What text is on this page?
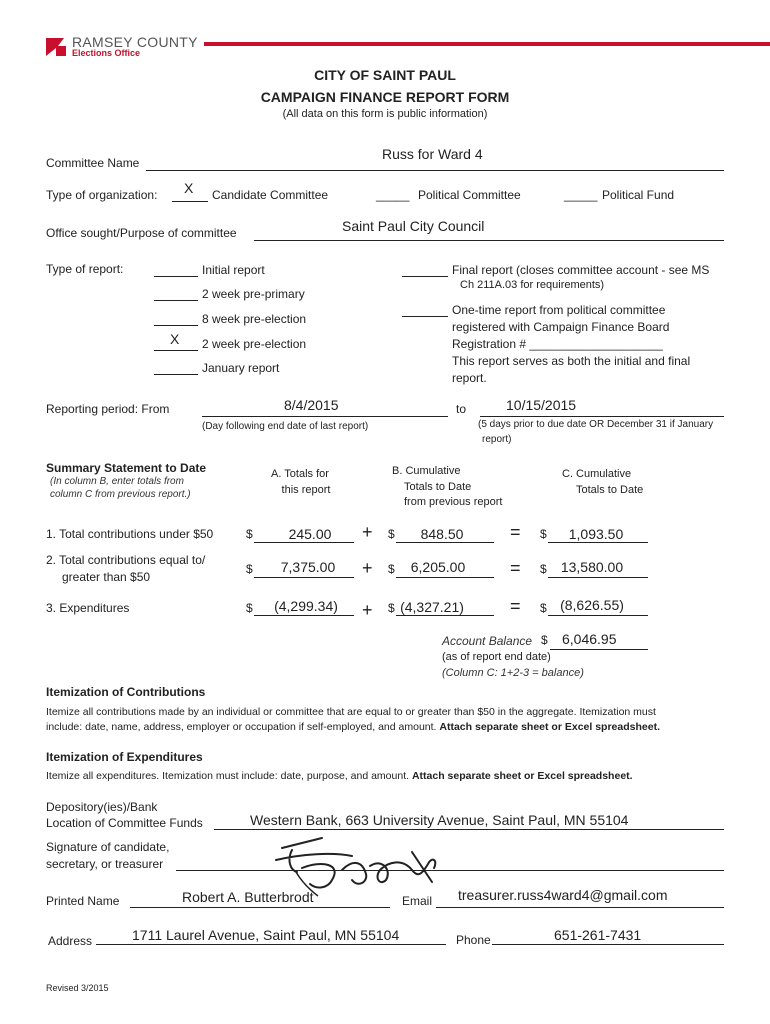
RAMSEY COUNTY
Elections Office
CITY OF SAINT PAUL
CAMPAIGN FINANCE REPORT FORM
(All data on this form is public information)
Committee Name
Russ for Ward 4
Type of organization: X Candidate Committee	_____ Political Committee	_____ Political Fund
Office sought/Purpose of committee	Saint Paul City Council
Type of report:	Initial report
2 week pre-primary
8 week pre-election
X 2 week pre-election
January report
Final report (closes committee account - see MS
Ch 211A.03 for requirements)
One-time report from political committee
registered with Campaign Finance Board
Registration # ____________________
This report serves as both the initial and final
report.
Reporting period: From	8/4/2015	to	10/15/2015
(Day following end date of last report)	(5 days prior to due date OR December 31 if January
report)
Summary Statement to Date
(In column B, enter totals from
column C from previous report.)
A. Totals for
this report
B. Cumulative
Totals to Date
from previous report
C. Cumulative
Totals to Date
1. Total contributions under $50	$	245.00	+ $	848.50	= $	1,093.50
2. Total contributions equal to/
greater than $50
$	7,375.00	+ $	6,205.00	= $	13,580.00
3. Expenditures	$	(4,299.34)	+ $ (4,327.21)	= $ (8,626.55)
Account Balance $ 6,046.95
(as of report end date)
(Column C: 1+2-3 = balance)
Itemization of Contributions
Itemize all contributions made by an individual or committee that are equal to or greater than $50 in the aggregate. Itemization must
include: date, name, address, employer or occupation if self-employed, and amount. Attach separate sheet or Excel spreadsheet.
Itemization of Expenditures
Itemize all expenditures. Itemization must include: date, purpose, and amount. Attach separate sheet or Excel spreadsheet.
Depository(ies)/Bank
Location of Committee Funds	Western Bank, 663 University Avenue, Saint Paul, MN 55104
Signature of candidate,
secretary, or treasurer
Printed Name	Robert A. Butterbrodt	Email treasurer.russ4ward4@gmail.com
Address	1711 Laurel Avenue, Saint Paul, MN 55104	Phone	651-261-7431
Revised 3/2015
